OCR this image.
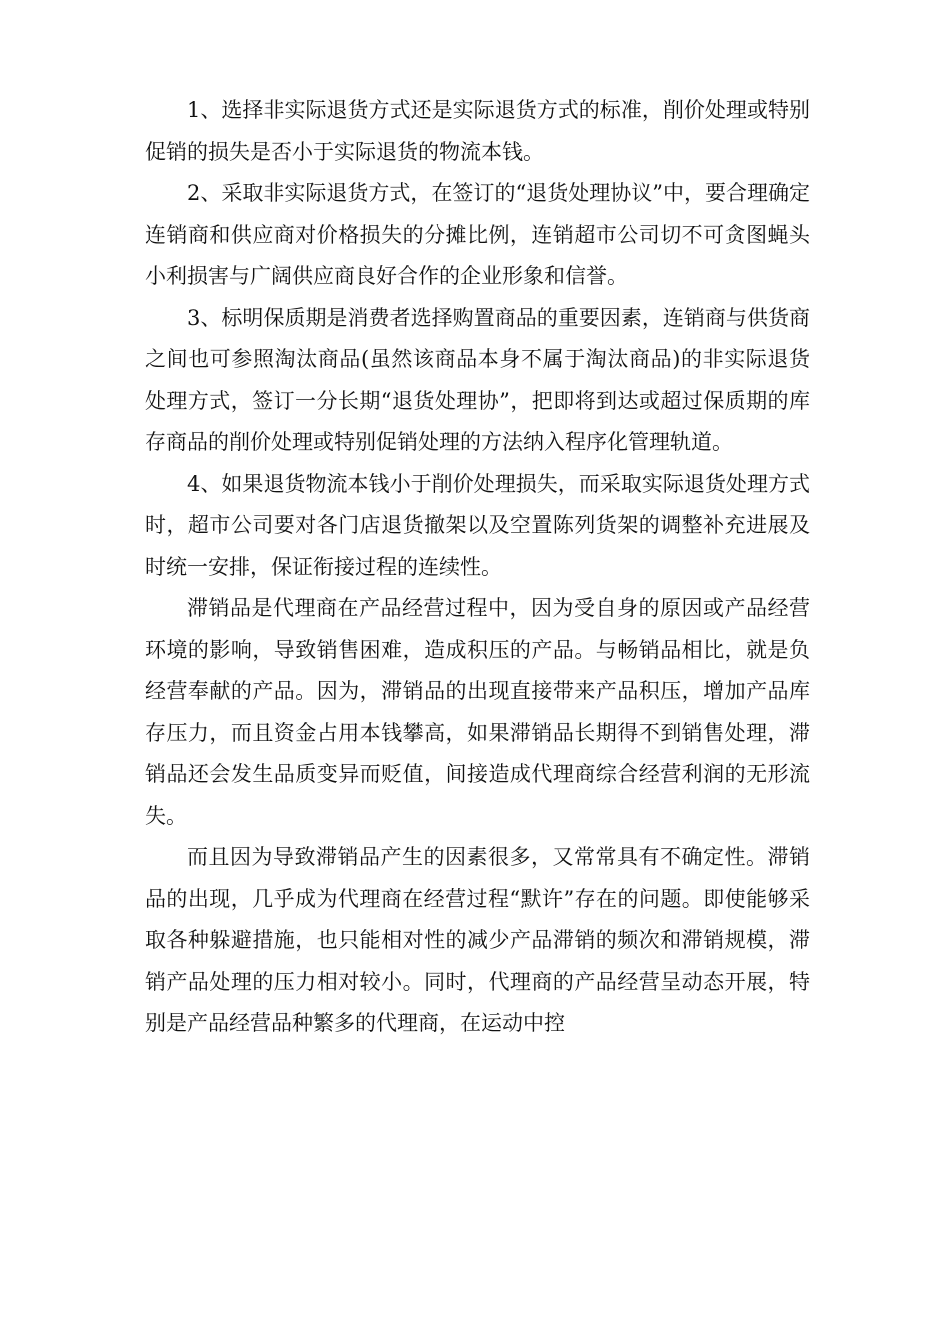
1、选择非实际退货方式还是实际退货方式的标准，削价处理或特别促销的损失是否小于实际退货的物流本钱。

2、采取非实际退货方式，在签订的“退货处理协议”中，要合理确定连销商和供应商对价格损失的分摊比例，连销超市公司切不可贪图蝇头小利损害与广阔供应商良好合作的企业形象和信誉。

3、标明保质期是消费者选择购置商品的重要因素，连销商与供货商之间也可参照淘汰商品(虽然该商品本身不属于淘汰商品)的非实际退货处理方式，签订一分长期“退货处理协”，把即将到达或超过保质期的库存商品的削价处理或特别促销处理的方法纳入程序化管理轨道。

4、如果退货物流本钱小于削价处理损失，而采取实际退货处理方式时，超市公司要对各门店退货撤架以及空置陈列货架的调整补充进展及时统一安排，保证衔接过程的连续性。

滞销品是代理商在产品经营过程中，因为受自身的原因或产品经营环境的影响，导致销售困难，造成积压的产品。与畅销品相比，就是负经营奉献的产品。因为，滞销品的出现直接带来产品积压，增加产品库存压力，而且资金占用本钱攀高，如果滞销品长期得不到销售处理，滞销品还会发生品质变异而贬值，间接造成代理商综合经营利润的无形流失。

而且因为导致滞销品产生的因素很多，又常常具有不确定性。滞销品的出现，几乎成为代理商在经营过程“默许”存在的问题。即使能够采取各种躲避措施，也只能相对性的减少产品滞销的频次和滞销规模，滞销产品处理的压力相对较小。同时，代理商的产品经营呈动态开展，特别是产品经营品种繁多的代理商，在运动中控
